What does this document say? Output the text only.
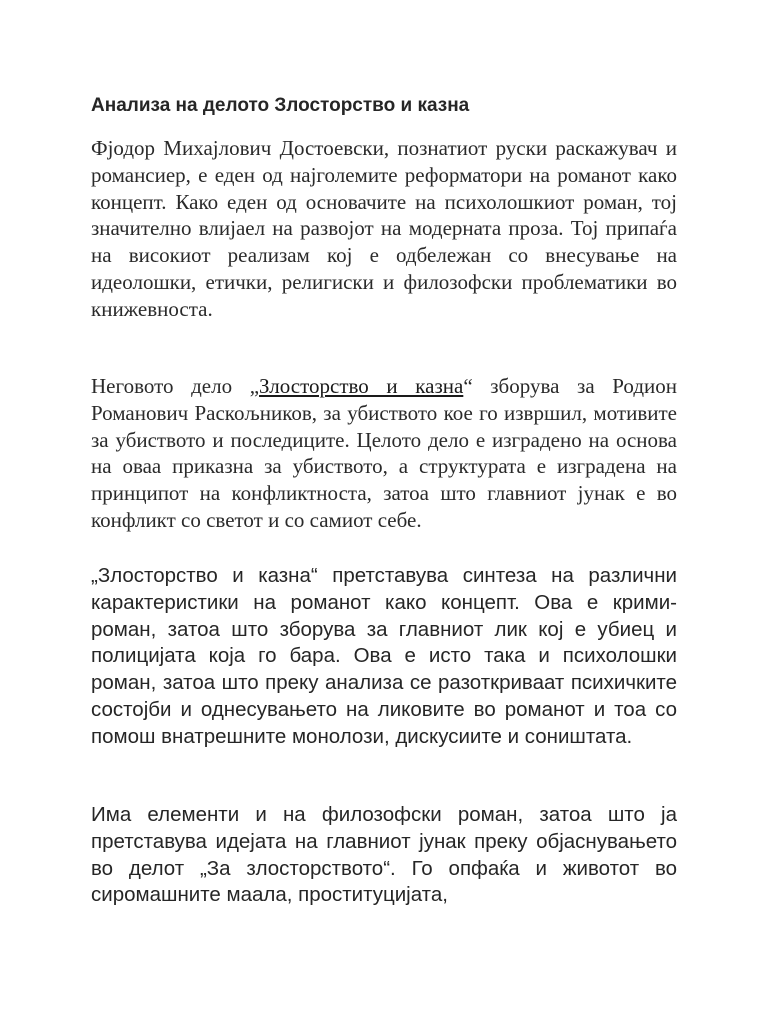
Анализа на делото Злосторство и казна

Фјодор Михајлович Достоевски, познатиот руски раскажувач и романсиер, е еден од најголемите реформатори на романот како концепт. Како еден од основачите на психолошкиот роман, тој значително влијаел на развојот на модерната проза. Тој припаѓа на високиот реализам кој е одбележан со внесување на идеолошки, етички, религиски и филозофски проблематики во книжевноста.

Неговото дело „Злосторство и казна“ зборува за Родион Романович Раскољников, за убиството кое го извршил, мотивите за убиството и последиците. Целото дело е изградено на основа на оваа приказна за убиството, а структурата е изградена на принципот на конфликтноста, затоа што главниот јунак е во конфликт со светот и со самиот себе.

„Злосторство и казна“ претставува синтеза на различни карактеристики на романот како концепт. Ова е крими-роман, затоа што зборува за главниот лик кој е убиец и полицијата која го бара. Ова е исто така и психолошки роман, затоа што преку анализа се разоткриваат психичките состојби и однесувањето на ликовите во романот и тоа со помош внатрешните монолози, дискусиите и соништата.

Има елементи и на филозофски роман, затоа што ја претставува идејата на главниот јунак преку објаснувањето во делот „За злосторството“. Го опфаќа и животот во сиромашните маала, проституцијата,
